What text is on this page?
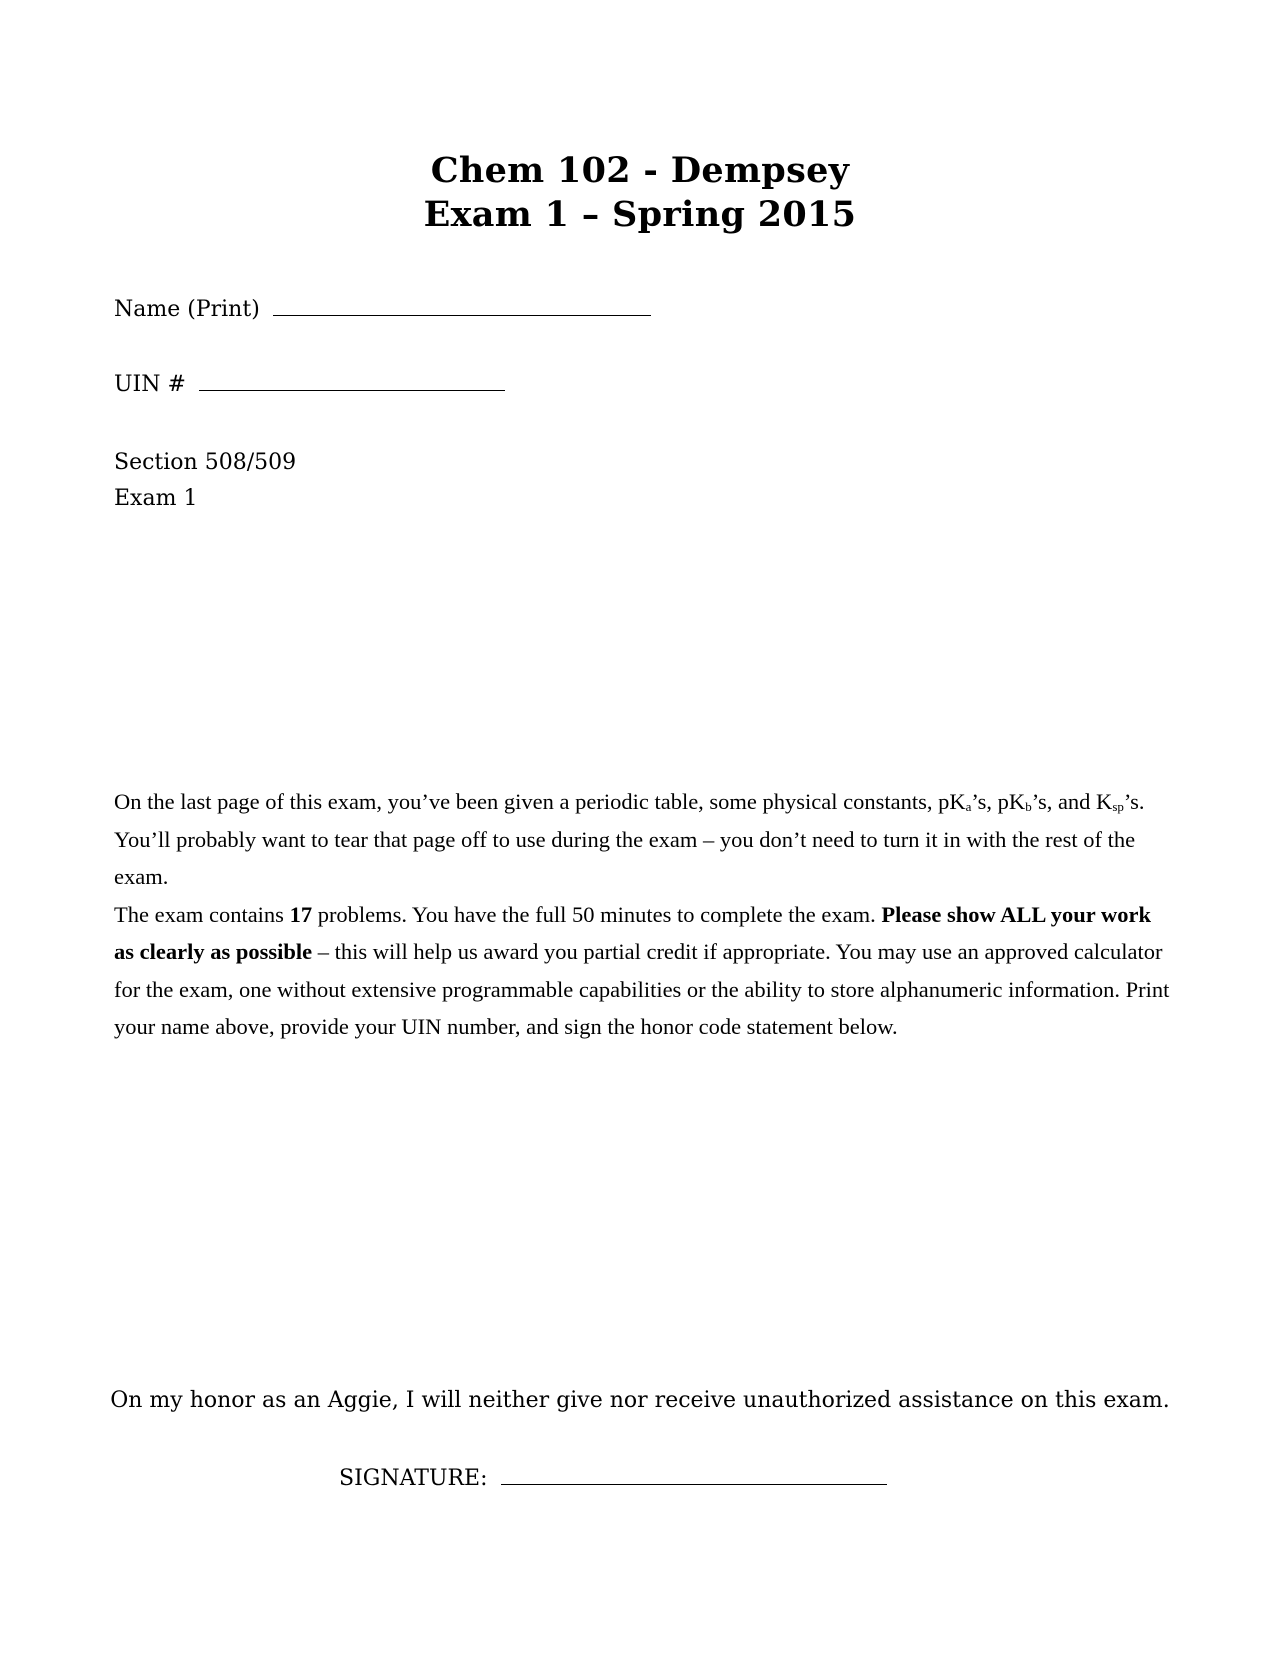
Chem 102 - Dempsey
Exam 1 – Spring 2015
Name (Print)
UIN #
Section 508/509
Exam 1

On the last page of this exam, you’ve been given a periodic table, some physical constants, $pK_a’s$, $pK_b’s$, and $K_{sp}’s$. You’ll probably want to tear that page off to use during the exam – you don’t need to turn it in with the rest of the exam.

The exam contains 17 problems. You have the full 50 minutes to complete the exam. Please show ALL your work as clearly as possible – this will help us award you partial credit if appropriate. You may use an approved calculator for the exam, one without extensive programmable capabilities or the ability to store alphanumeric information. Print your name above, provide your UIN number, and sign the honor code statement below.

On my honor as an Aggie, I will neither give nor receive unauthorized assistance on this exam.
SIGNATURE:
